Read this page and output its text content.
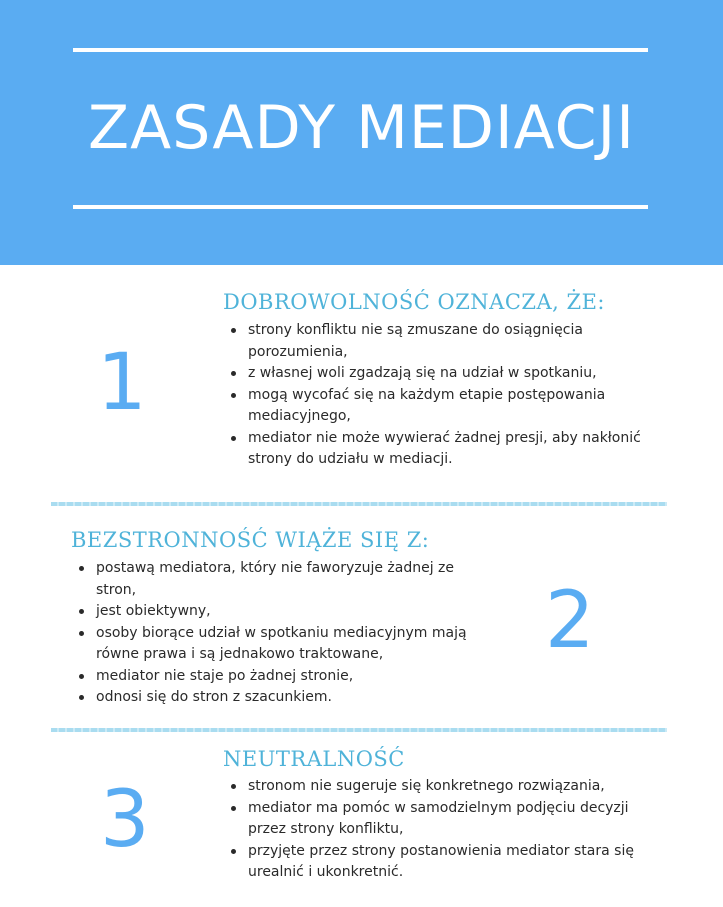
ZASADY MEDIACJI
DOBROWOLNOŚĆ OZNACZA, ŻE:
1
strony konfliktu nie są zmuszane do osiągnięcia porozumienia,
z własnej woli zgadzają się na udział w spotkaniu,
mogą wycofać się na każdym etapie postępowania mediacyjnego,
mediator nie może wywierać żadnej presji, aby nakłonić strony do udziału w mediacji.
BEZSTRONNOŚĆ WIĄŻE SIĘ Z:
2
postawą mediatora, który nie faworyzuje żadnej ze stron,
jest obiektywny,
osoby biorące udział w spotkaniu mediacyjnym mają równe prawa i są jednakowo traktowane,
mediator nie staje po żadnej stronie,
odnosi się do stron z szacunkiem.
NEUTRALNOŚĆ
3	stronom nie sugeruje się konkretnego rozwiązania,
mediator ma pomóc w samodzielnym podjęciu decyzji przez strony konfliktu,
przyjęte przez strony postanowienia mediator stara się urealnić i ukonkretnić.
